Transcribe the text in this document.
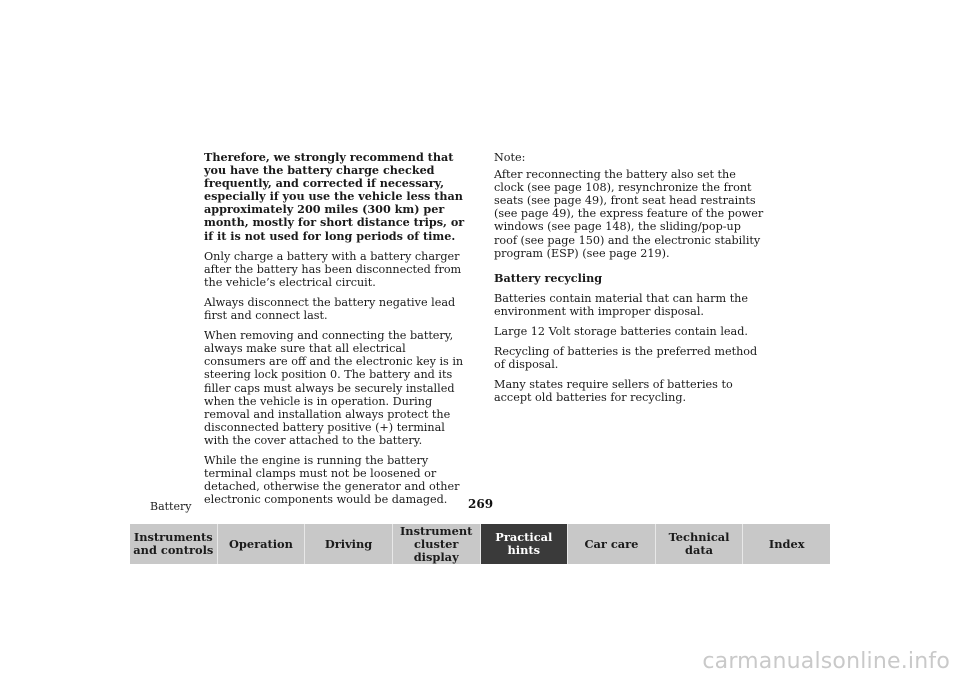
Therefore, we strongly recommend that you have the battery charge checked frequently, and corrected if necessary, especially if you use the vehicle less than approximately 200 miles (300 km) per month, mostly for short distance trips, or if it is not used for long periods of time.

Only charge a battery with a battery charger after the battery has been disconnected from the vehicle’s electrical circuit.

Always disconnect the battery negative lead first and connect last.

When removing and connecting the battery, always make sure that all electrical consumers are off and the electronic key is in steering lock position 0. The battery and its filler caps must always be securely installed when the vehicle is in operation. During removal and installation always protect the disconnected battery positive (+) terminal with the cover attached to the battery.

While the engine is running the battery terminal clamps must not be loosened or detached, otherwise the generator and other electronic components would be damaged.

Note:

After reconnecting the battery also set the clock (see page 108), resynchronize the front seats (see page 49), front seat head restraints (see page 49), the express feature of the power windows (see page 148), the sliding/pop-up roof (see page 150) and the electronic stability program (ESP) (see page 219).

Battery recycling

Batteries contain material that can harm the environment with improper disposal.

Large 12 Volt storage batteries contain lead.

Recycling of batteries is the preferred method of disposal.

Many states require sellers of batteries to accept old batteries for recycling.

Battery	269
Instruments
and controls	Operation	Driving
Instrument
cluster display
Practical hints	Car care	Technical
data	Index
carmanualsonline.info
